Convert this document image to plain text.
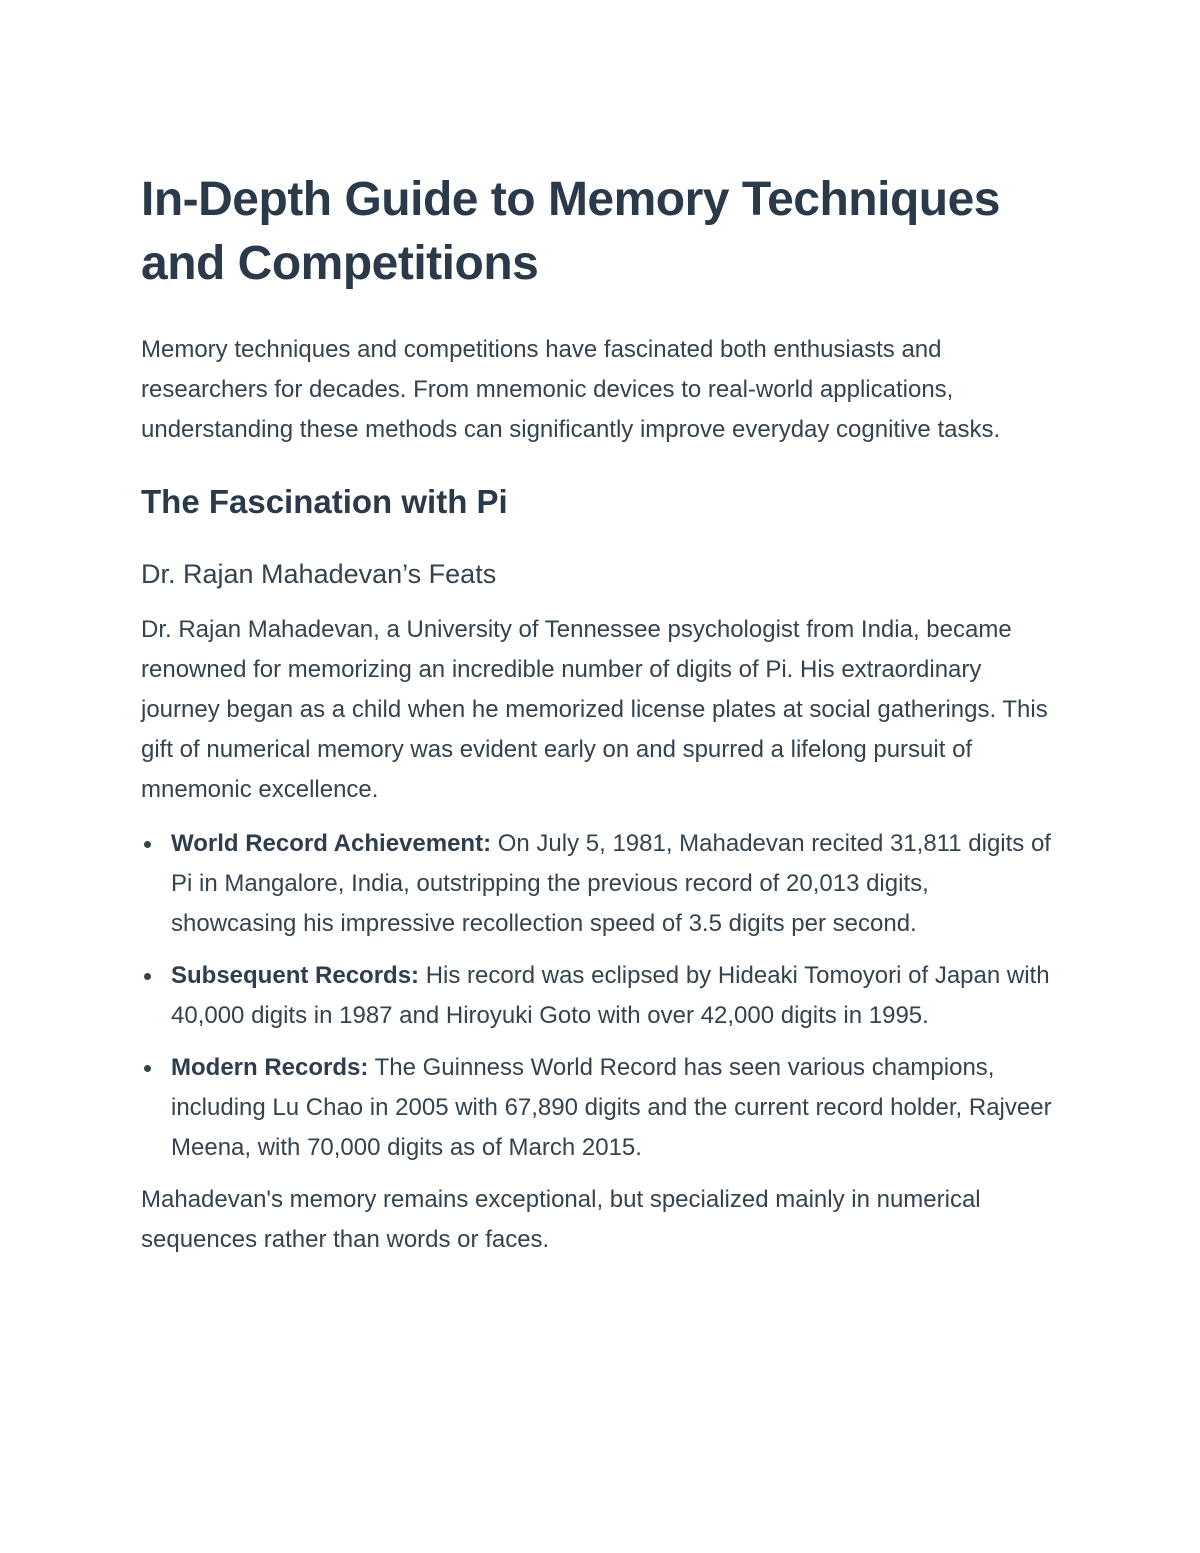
In-Depth Guide to Memory Techniques and Competitions

Memory techniques and competitions have fascinated both enthusiasts and researchers for decades. From mnemonic devices to real-world applications, understanding these methods can significantly improve everyday cognitive tasks.

The Fascination with Pi
Dr. Rajan Mahadevan’s Feats

Dr. Rajan Mahadevan, a University of Tennessee psychologist from India, became renowned for memorizing an incredible number of digits of Pi. His extraordinary journey began as a child when he memorized license plates at social gatherings. This gift of numerical memory was evident early on and spurred a lifelong pursuit of mnemonic excellence.

World Record Achievement: On July 5, 1981, Mahadevan recited 31,811 digits of Pi in Mangalore, India, outstripping the previous record of 20,013 digits, showcasing his impressive recollection speed of 3.5 digits per second.
Subsequent Records: His record was eclipsed by Hideaki Tomoyori of Japan with 40,000 digits in 1987 and Hiroyuki Goto with over 42,000 digits in 1995.
Modern Records: The Guinness World Record has seen various champions, including Lu Chao in 2005 with 67,890 digits and the current record holder, Rajveer Meena, with 70,000 digits as of March 2015.

Mahadevan's memory remains exceptional, but specialized mainly in numerical sequences rather than words or faces.
